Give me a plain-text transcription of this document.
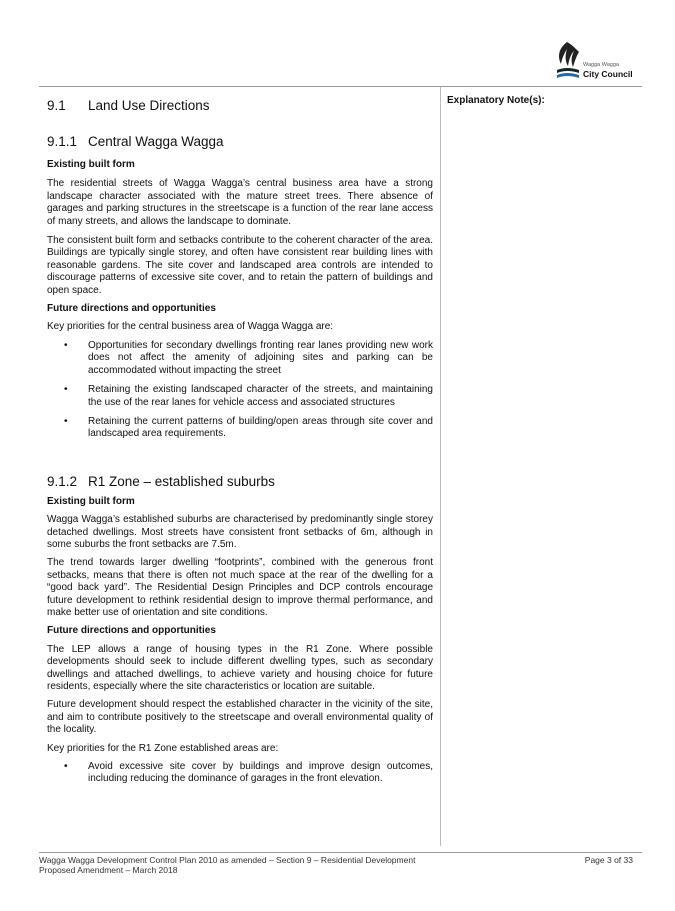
Wagga Wagga
City Council
Explanatory Note(s):
9.1 Land Use Directions
9.1.1 Central Wagga Wagga
Existing built form

The residential streets of Wagga Wagga’s central business area have a strong landscape character associated with the mature street trees. There absence of garages and parking structures in the streetscape is a function of the rear lane access of many streets, and allows the landscape to dominate.

The consistent built form and setbacks contribute to the coherent character of the area. Buildings are typically single storey, and often have consistent rear building lines with reasonable gardens. The site cover and landscaped area controls are intended to discourage patterns of excessive site cover, and to retain the pattern of buildings and open space.

Future directions and opportunities

Key priorities for the central business area of Wagga Wagga are:

• Opportunities for secondary dwellings fronting rear lanes providing new work does not affect the amenity of adjoining sites and parking can be accommodated without impacting the street
• Retaining the existing landscaped character of the streets, and maintaining the use of the rear lanes for vehicle access and associated structures
• Retaining the current patterns of building/open areas through site cover and landscaped area requirements.
9.1.2 R1 Zone – established suburbs
Existing built form

Wagga Wagga’s established suburbs are characterised by predominantly single storey detached dwellings. Most streets have consistent front setbacks of 6m, although in some suburbs the front setbacks are 7.5m.

The trend towards larger dwelling “footprints”, combined with the generous front setbacks, means that there is often not much space at the rear of the dwelling for a “good back yard”. The Residential Design Principles and DCP controls encourage future development to rethink residential design to improve thermal performance, and make better use of orientation and site conditions.

Future directions and opportunities

The LEP allows a range of housing types in the R1 Zone. Where possible developments should seek to include different dwelling types, such as secondary dwellings and attached dwellings, to achieve variety and housing choice for future residents, especially where the site characteristics or location are suitable.

Future development should respect the established character in the vicinity of the site, and aim to contribute positively to the streetscape and overall environmental quality of the locality.

Key priorities for the R1 Zone established areas are:

• Avoid excessive site cover by buildings and improve design outcomes, including reducing the dominance of garages in the front elevation.
Wagga Wagga Development Control Plan 2010 as amended – Section 9 – Residential Development
Proposed Amendment – March 2018
Page 3 of 33
